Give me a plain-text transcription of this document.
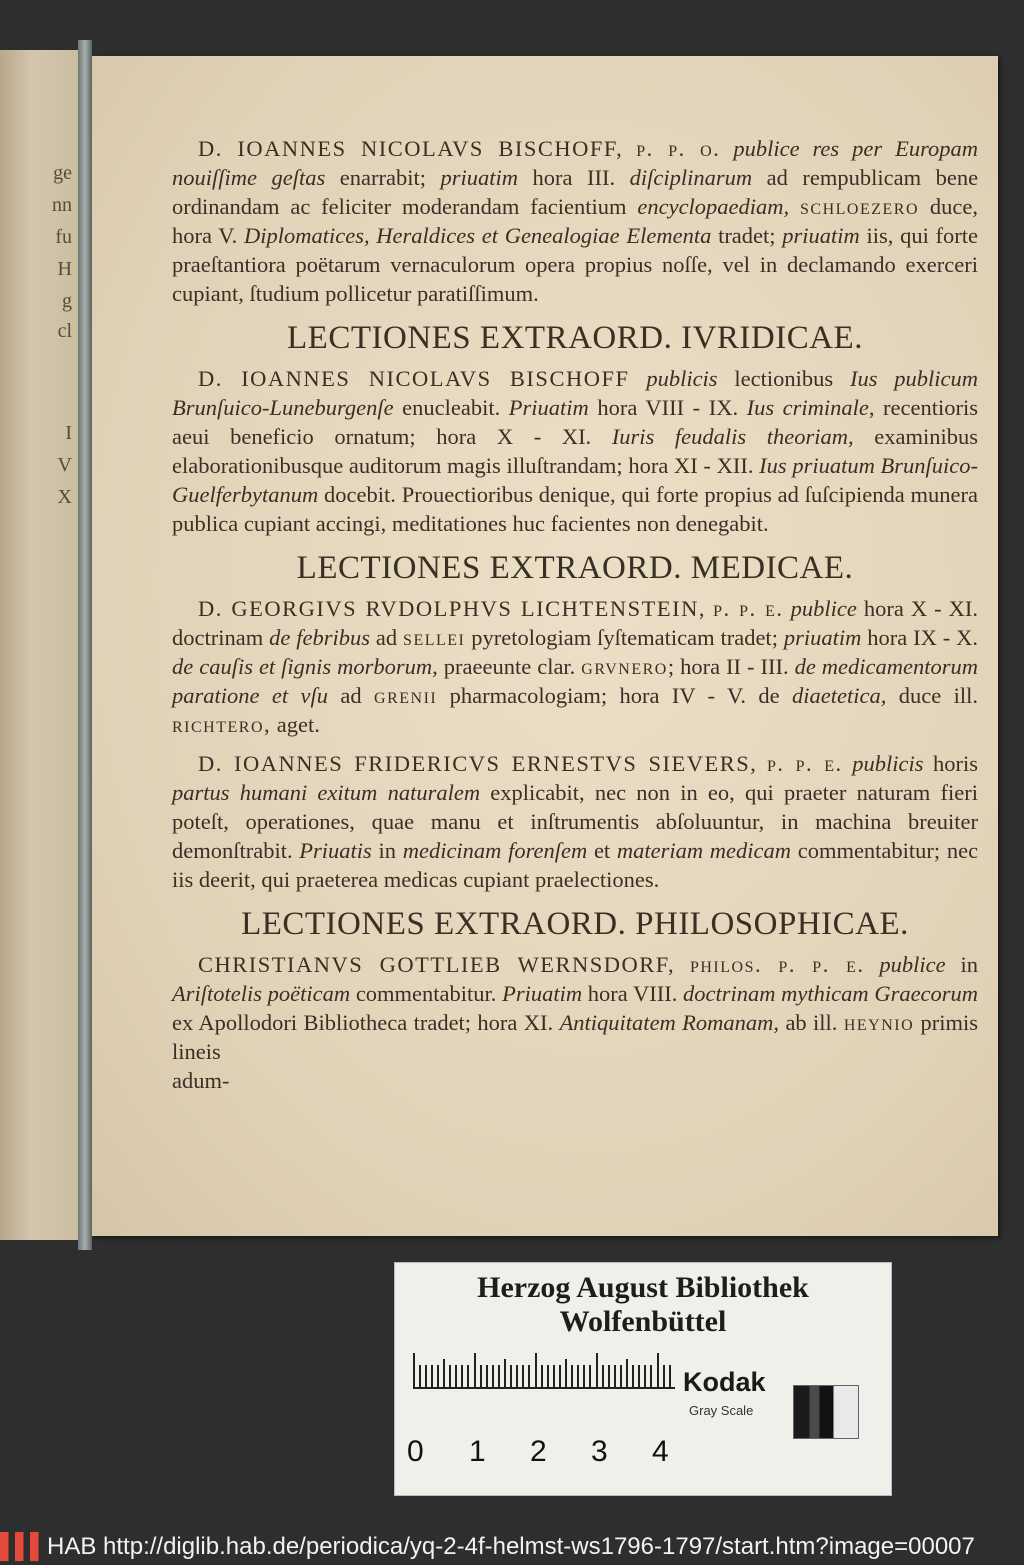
ge
nn
fu
H
g
cl
I
V
X

D. IOANNES NICOLAVS BISCHOFF, p. p. o. publice res per Europam nouiſſime geſtas enarrabit; priuatim hora III. diſciplinarum ad rempublicam bene ordinandam ac feliciter moderandam facientium encyclopaediam, schloezero duce, hora V. Diplomatices, Heraldices et Genealogiae Elementa tradet; priuatim iis, qui forte praeſtantiora poëtarum vernaculorum opera propius noſſe, vel in declamando exerceri cupiant, ſtudium pollicetur paratiſſimum.

LECTIONES EXTRAORD. IVRIDICAE.

D. IOANNES NICOLAVS BISCHOFF publicis lectionibus Ius publicum Brunſuico-Luneburgenſe enucleabit. Priuatim hora VIII - IX. Ius criminale, recentioris aeui beneficio ornatum; hora X - XI. Iuris feudalis theoriam, examinibus elaborationibusque auditorum magis illuſtrandam; hora XI - XII. Ius priuatum Brunſuico-Guelferbytanum docebit. Prouectioribus denique, qui forte propius ad ſuſcipienda munera publica cupiant accingi, meditationes huc facientes non denegabit.

LECTIONES EXTRAORD. MEDICAE.

D. GEORGIVS RVDOLPHVS LICHTENSTEIN, p. p. e. publice hora X - XI. doctrinam de febribus ad sellei pyretologiam ſyſtematicam tradet; priuatim hora IX - X. de cauſis et ſignis morborum, praeeunte clar. grvnero; hora II - III. de medicamentorum paratione et vſu ad grenii pharmacologiam; hora IV - V. de diaetetica, duce ill. richtero, aget.

D. IOANNES FRIDERICVS ERNESTVS SIEVERS, p. p. e. publicis horis partus humani exitum naturalem explicabit, nec non in eo, qui praeter naturam fieri poteſt, operationes, quae manu et inſtrumentis abſoluuntur, in machina breuiter demonſtrabit. Priuatis in medicinam forenſem et materiam medicam commentabitur; nec iis deerit, qui praeterea medicas cupiant praelectiones.

LECTIONES EXTRAORD. PHILOSOPHICAE.

CHRISTIANVS GOTTLIEB WERNSDORF, philos. p. p. e. publice in Ariſtotelis poëticam commentabitur. Priuatim hora VIII. doctrinam mythicam Graecorum ex Apollodori Bibliotheca tradet; hora XI. Antiquitatem Romanam, ab ill. heynio primis lineis

adum-

Herzog August Bibliothek Wolfenbüttel
0 1 2 3 4
Kodak
Gray Scale
▌▌▌HAB http://diglib.hab.de/periodica/yq-2-4f-helmst-ws1796-1797/start.htm?image=00007
